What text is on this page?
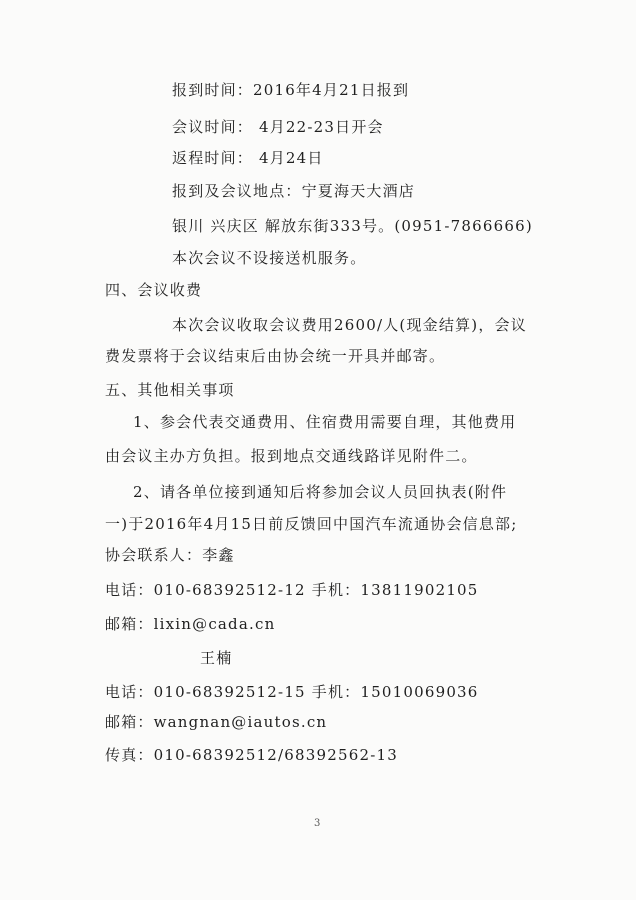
报到时间：2016年4月21日报到
会议时间： 4月22-23日开会
返程时间： 4月24日
报到及会议地点：宁夏海天大酒店
银川 兴庆区 解放东街333号。(0951-7866666)
本次会议不设接送机服务。
四、会议收费
本次会议收取会议费用2600/人(现金结算)，会议
费发票将于会议结束后由协会统一开具并邮寄。
五、其他相关事项
1、参会代表交通费用、住宿费用需要自理，其他费用
由会议主办方负担。报到地点交通线路详见附件二。
2、请各单位接到通知后将参加会议人员回执表(附件
一)于2016年4月15日前反馈回中国汽车流通协会信息部;
协会联系人：李鑫
电话：010-68392512-12 手机：13811902105
邮箱：lixin@cada.cn
王楠
电话：010-68392512-15 手机：15010069036
邮箱：wangnan@iautos.cn
传真：010-68392512/68392562-13
3
